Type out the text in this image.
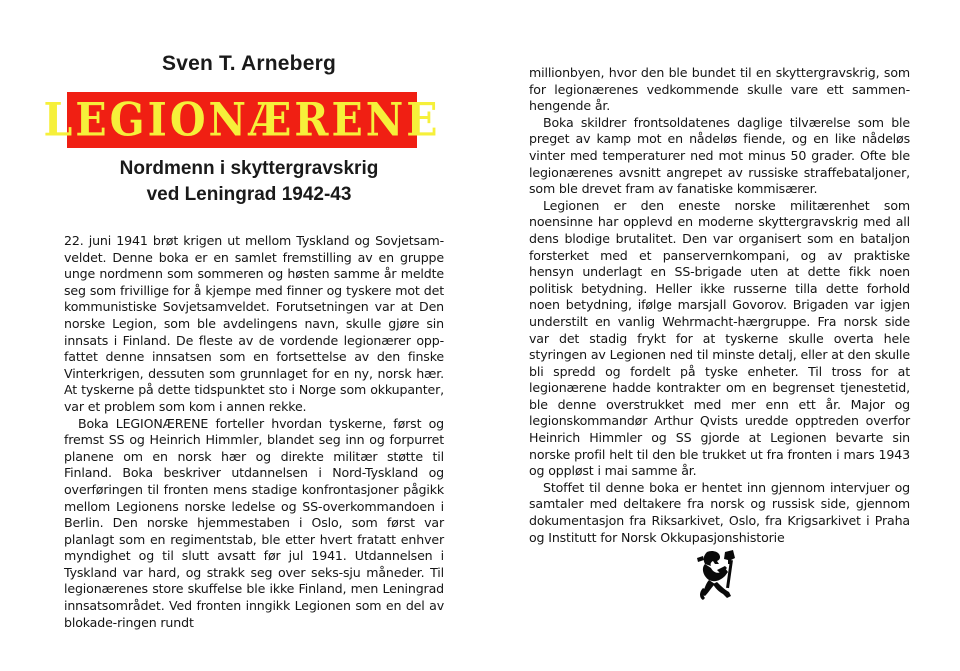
Sven T. Arneberg
LEGIONÆRENE
Nordmenn i skyttergravskrig
ved Leningrad 1942-43

22. juni 1941 brøt krigen ut mellom Tyskland og Sovjetsam-veldet. Denne boka er en samlet fremstilling av en gruppe unge nordmenn som sommeren og høsten samme år meldte seg som frivillige for å kjempe med finner og tyskere mot det kommunistiske Sovjetsamveldet. Forutsetningen var at Den norske Legion, som ble avdelingens navn, skulle gjøre sin innsats i Finland. De fleste av de vordende legionærer opp-fattet denne innsatsen som en fortsettelse av den finske Vinterkrigen, dessuten som grunnlaget for en ny, norsk hær. At tyskerne på dette tidspunktet sto i Norge som okkupanter, var et problem som kom i annen rekke.

Boka LEGIONÆRENE forteller hvordan tyskerne, først og fremst SS og Heinrich Himmler, blandet seg inn og forpurret planene om en norsk hær og direkte militær støtte til Finland. Boka beskriver utdannelsen i Nord-Tyskland og overføringen til fronten mens stadige konfrontasjoner pågikk mellom Legionens norske ledelse og SS-overkommandoen i Berlin. Den norske hjemmestaben i Oslo, som først var planlagt som en regimentstab, ble etter hvert fratatt enhver myndighet og til slutt avsatt før jul 1941. Utdannelsen i Tyskland var hard, og strakk seg over seks-sju måneder. Til legionærenes store skuffelse ble ikke Finland, men Leningrad innsatsområdet. Ved fronten inngikk Legionen som en del av blokade-ringen rundt

millionbyen, hvor den ble bundet til en skyttergravskrig, som for legionærenes vedkommende skulle vare ett sammen-hengende år.

Boka skildrer frontsoldatenes daglige tilværelse som ble preget av kamp mot en nådeløs fiende, og en like nådeløs vinter med temperaturer ned mot minus 50 grader. Ofte ble legionærenes avsnitt angrepet av russiske straffebataljoner, som ble drevet fram av fanatiske kommisærer.

Legionen er den eneste norske militærenhet som noensinne har opplevd en moderne skyttergravskrig med all dens blodige brutalitet. Den var organisert som en bataljon forsterket med et panservernkompani, og av praktiske hensyn underlagt en SS-brigade uten at dette fikk noen politisk betydning. Heller ikke russerne tilla dette forhold noen betydning, ifølge marsjall Govorov. Brigaden var igjen understilt en vanlig Wehrmacht-hærgruppe. Fra norsk side var det stadig frykt for at tyskerne skulle overta hele styringen av Legionen ned til minste detalj, eller at den skulle bli spredd og fordelt på tyske enheter. Til tross for at legionærene hadde kontrakter om en begrenset tjenestetid, ble denne overstrukket med mer enn ett år. Major og legionskommandør Arthur Qvists uredde opptreden overfor Heinrich Himmler og SS gjorde at Legionen bevarte sin norske profil helt til den ble trukket ut fra fronten i mars 1943 og oppløst i mai samme år.

Stoffet til denne boka er hentet inn gjennom intervjuer og samtaler med deltakere fra norsk og russisk side, gjennom dokumentasjon fra Riksarkivet, Oslo, fra Krigsarkivet i Praha og Institutt for Norsk Okkupasjonshistorie
